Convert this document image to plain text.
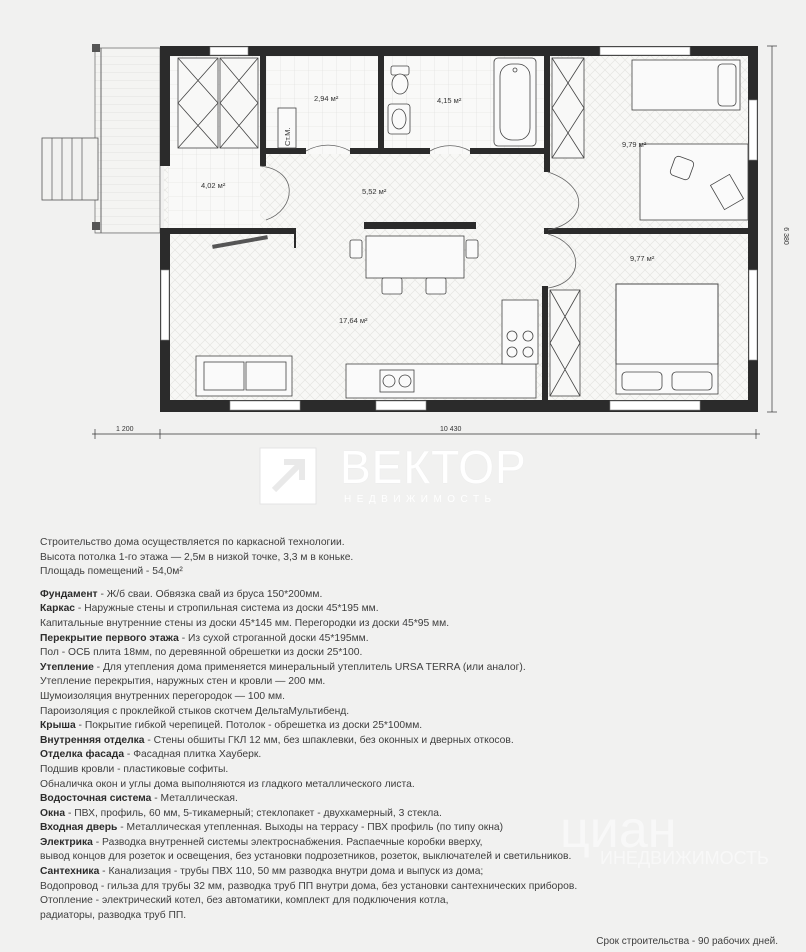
Ст.М.
2,94 м²	4,15 м²
9,79 м²
4,02 м²
5,52 м²
17,64 м²
9,77 м²
1 200	10 430
6 380
ВЕКТОР
НЕДВИЖИМОСТЬ

Строительство дома осуществляется по каркасной технологии.

Высота потолка 1-го этажа — 2,5м в низкой точке, 3,3 м в коньке.

Площадь помещений - 54,0м²

Фундамент - Ж/б сваи. Обвязка свай из бруса 150*200мм.

Каркас - Наружные стены и стропильная система из доски 45*195 мм.

Капитальные внутренние стены из доски 45*145 мм. Перегородки из доски 45*95 мм.

Перекрытие первого этажа - Из сухой строганной доски 45*195мм.

Пол - ОСБ плита 18мм, по деревянной обрешетки из доски 25*100.

Утепление - Для утепления дома применяется минеральный утеплитель URSA TERRA (или аналог).

Утепление перекрытия, наружных стен и кровли — 200 мм.

Шумоизоляция внутренних перегородок — 100 мм.

Пароизоляция с проклейкой стыков скотчем ДельтаМультибенд.

Крыша - Покрытие гибкой черепицей. Потолок - обрешетка из доски 25*100мм.

Внутренняя отделка - Стены обшиты ГКЛ 12 мм, без шпаклевки, без оконных и дверных откосов.

Отделка фасада - Фасадная плитка Хауберк.

Подшив кровли - пластиковые софиты.

Обналичка окон и углы дома выполняются из гладкого металлического листа.

Водосточная система - Металлическая.

Окна - ПВХ, профиль, 60 мм, 5-тикамерный; стеклопакет - двухкамерный, 3 стекла.

Входная дверь - Металлическая утепленная. Выходы на террасу - ПВХ профиль (по типу окна)

Электрика - Разводка внутренней системы электроснабжения. Распаечные коробки вверху,

вывод концов для розеток и освещения, без установки подрозетников, розеток, выключателей и светильников.

Сантехника - Канализация - трубы ПВХ 110, 50 мм разводка внутри дома и выпуск из дома;

Водопровод - гильза для трубы 32 мм, разводка труб ПП внутри дома, без установки сантехнических приборов.

Отопление - электрический котел, без автоматики, комплект для подключения котла,

радиаторы, разводка труб ПП.

циан
ИНЕДВИЖИМОСТЬ
Срок строительства - 90 рабочих дней.
